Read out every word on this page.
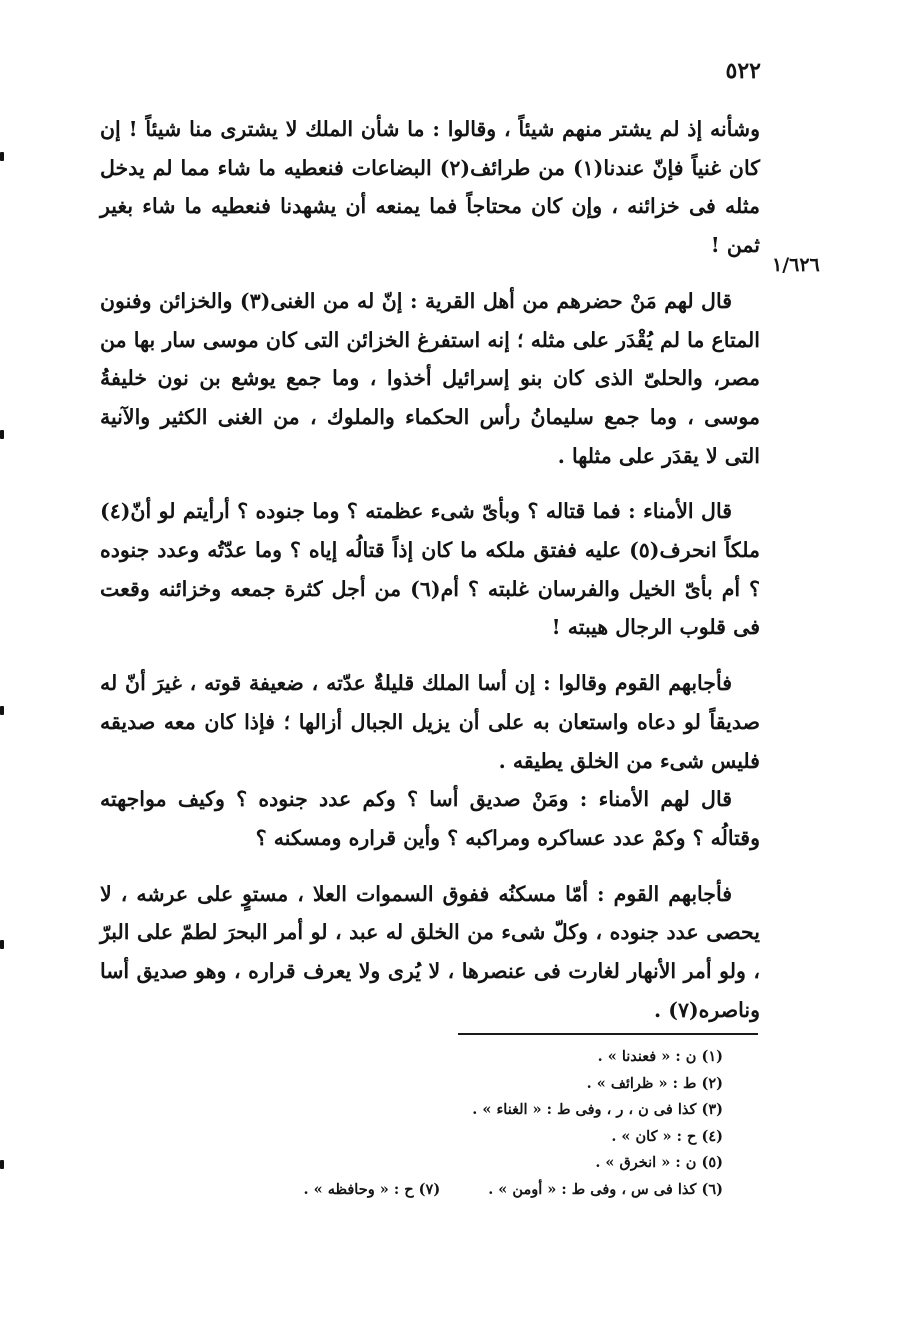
٥٢٢
١/٦٢٦

وشأنه إذ لم يشتر منهم شيئاً ، وقالوا : ما شأن الملك لا يشترى منا شيئاً ! إن كان غنياً فإنّ عندنا(١) من طرائف(٢) البضاعات فنعطيه ما شاء مما لم يدخل مثله فى خزائنه ، وإن كان محتاجاً فما يمنعه أن يشهدنا فنعطيه ما شاء بغير ثمن !

قال لهم مَنْ حضرهم من أهل القرية : إنّ له من الغنى(٣) والخزائن وفنون المتاع ما لم يُقْدَر على مثله ؛ إنه استفرغ الخزائن التى كان موسى سار بها من مصر، والحلىّ الذى كان بنو إسرائيل أخذوا ، وما جمع يوشع بن نون خليفةُ موسى ، وما جمع سليمانُ رأس الحكماء والملوك ، من الغنى الكثير والآنية التى لا يقدَر على مثلها .

قال الأمناء : فما قتاله ؟ وبأىّ شىء عظمته ؟ وما جنوده ؟ أرأيتم لو أنّ(٤) ملكاً انحرف(٥) عليه ففتق ملكه ما كان إذاً قتالُه إياه ؟ وما عدّتُه وعدد جنوده ؟ أم بأىّ الخيل والفرسان غلبته ؟ أم(٦) من أجل كثرة جمعه وخزائنه وقعت فى قلوب الرجال هيبته !

فأجابهم القوم وقالوا : إن أسا الملك قليلةٌ عدّته ، ضعيفة قوته ، غيرَ أنّ له صديقاً لو دعاه واستعان به على أن يزيل الجبال أزالها ؛ فإذا كان معه صديقه فليس شىء من الخلق يطيقه .

قال لهم الأمناء : ومَنْ صديق أسا ؟ وكم عدد جنوده ؟ وكيف مواجهته وقتالُه ؟ وكمْ عدد عساكره ومراكبه ؟ وأين قراره ومسكنه ؟

فأجابهم القوم : أمّا مسكنُه ففوق السموات العلا ، مستوٍ على عرشه ، لا يحصى عدد جنوده ، وكلّ شىء من الخلق له عبد ، لو أمر البحرَ لطمّ على البرّ ، ولو أمر الأنهار لغارت فى عنصرها ، لا يُرى ولا يعرف قراره ، وهو صديق أسا وناصره(٧) .

(١) ن : « فعندنا » .
(٢) ط : « ظرائف » .
(٣) كذا فى ن ، ر ، وفى ط : « الغناء » .
(٤) ح : « كان » .
(٥) ن : « انخرق » .
(٦) كذا فى س ، وفى ط : « أومن » .(٧) ح : « وحافظه » .
